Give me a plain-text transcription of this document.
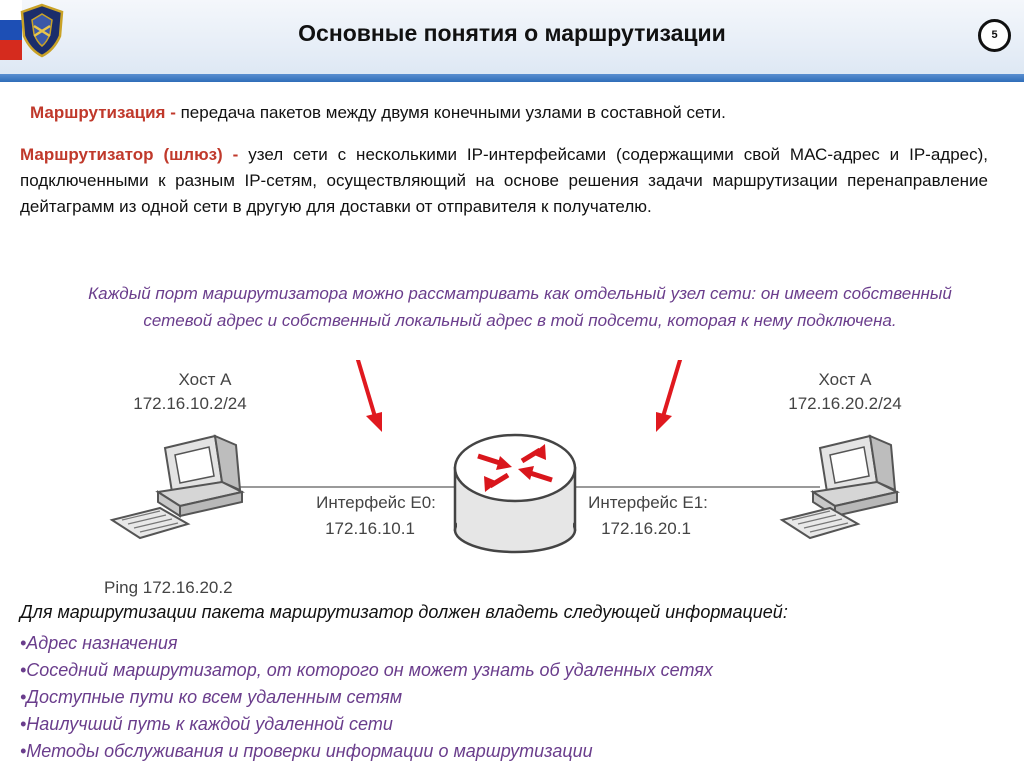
Основные понятия о маршрутизации	5
Маршрутизация - передача пакетов между двумя конечными узлами в составной сети.
Маршрутизатор (шлюз) - узел сети с несколькими IP-интерфейсами (содержащими свой МАС-адрес и IP-адрес), подключенными к разным IP-сетям, осуществляющий на основе решения задачи маршрутизации перенаправление дейтаграмм из одной сети в другую для доставки от отправителя к получателю.
Каждый порт маршрутизатора можно рассматривать как отдельный узел сети: он имеет собственный сетевой адрес и собственный локальный адрес в той подсети, которая к нему подключена.
Хост А
172.16.10.2/24
Хост А
172.16.20.2/24
Интерфейс Е0:
172.16.10.1
Интерфейс Е1:
172.16.20.1
Ping 172.16.20.2
Для маршрутизации пакета маршрутизатор должен владеть следующей информацией:
•Адрес назначения
•Соседний маршрутизатор, от которого он может узнать об удаленных сетях
•Доступные пути ко всем удаленным сетям
•Наилучший путь к каждой удаленной сети
•Методы обслуживания и проверки информации о маршрутизации
